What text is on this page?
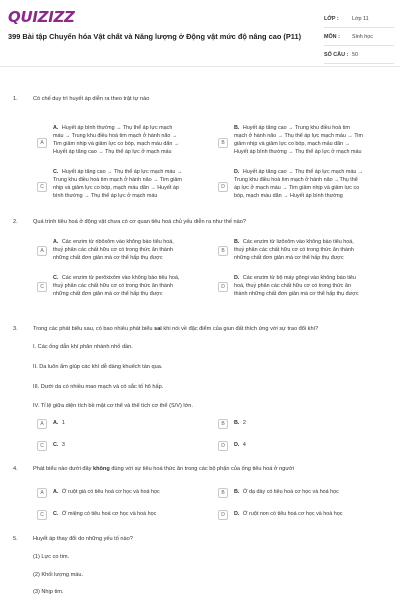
QUIZIZZ
399 Bài tập Chuyển hóa Vật chất và Năng lượng ở Động vật mức độ nâng cao (P11)
LỚP :	Lớp 11
MÔN :	Sinh học
SỐ CÂU : 50
1.	Có chế duy trì huyết áp diễn ra theo trật tự nào
A
A. Huyết áp bình thường → Thụ thể áp lực mạch máu → Trung khu điều hoà tim mạch ở hành não → Tim giảm nhịp và giảm lực co bóp, mạch máu dãn → Huyết áp tăng cao → Thụ thể áp lực ở mạch máu
B
B. Huyết áp tăng cao → Trung khu điều hoà tim mạch ở hành não → Thụ thể áp lực mạch máu → Tim giảm nhịp và giảm lực co bóp, mạch máu dãn → Huyết áp bình thường → Thụ thể áp lực ở mạch máu
C
C. Huyết áp tăng cao → Thụ thể áp lực mạch máu → Trung khu điều hoà tim mạch ở hành não → Tim giảm nhịp và giảm lực co bóp, mạch máu dãn → Huyết áp bình thường → Thụ thể áp lực ở mạch máu
D
D. Huyết áp tăng cao → Thụ thể áp lực mạch máu → Trung khu điều hoà tim mạch ở hành não →Thụ thể áp lực ở mạch máu → Tim giảm nhịp và giảm lực co bóp, mạch máu dãn → Huyết áp bình thường
2.	Quá trình tiêu hoá ở động vật chưa có cơ quan tiêu hoá chủ yếu diễn ra như thế nào?
A
A. Các enzim từ ribôxôm vào không bào tiêu hoá, thuỷ phân các chất hữu cơ có trong thức ăn thành những chất đơn giản mà cơ thể hấp thụ được
B
B. Các enzim từ lizôxôm vào không bào tiêu hoá, thuỷ phân các chất hữu cơ có trong thức ăn thành những chất đơn giản mà cơ thể hấp thụ được
C
C. Các enzim từ perôxixôm vào không bào tiêu hoá, thuỷ phân các chất hữu cơ có trong thức ăn thành những chất đơn giản mà cơ thể hấp thụ được
D
D. Các enzim từ bộ máy gôngi vào không bào tiêu hoá, thuỷ phân các chất hữu cơ có trong thức ăn thành những chất đơn giản mà cơ thể hấp thụ được
3.	Trong các phát biểu sau, có bao nhiêu phát biểu sai khi nói về đặc điểm của giun đất thích ứng với sự trao đổi khí?
I. Các ống dẫn khí phân nhánh nhỏ dần.
II. Da luôn ẩm giúp các khí dễ dàng khuếch tán qua.
III. Dưới da có nhiều mao mạch và có sắc tố hô hấp.
IV. Tỉ lệ giữa diện tích bề mặt cơ thể và thể tích cơ thể (S/V) lớn.
A	A. 1	B	B. 2
C	C. 3	D	D. 4
4.	Phát biểu nào dưới đây không đúng với sự tiêu hoá thức ăn trong các bộ phận của ống tiêu hoá ở người
A	A. Ở ruột già có tiêu hoá cơ học và hoá học	B	B. Ở dạ dày có tiêu hoá cơ học và hoá học
C	C. Ở miệng có tiêu hoá cơ học và hoá học	D	D. Ở ruột non có tiêu hoá cơ học và hoá học
5.	Huyết áp thay đổi do những yếu tố nào?
(1) Lực co tim.
(2) Khối lượng máu.
(3) Nhịp tim.
